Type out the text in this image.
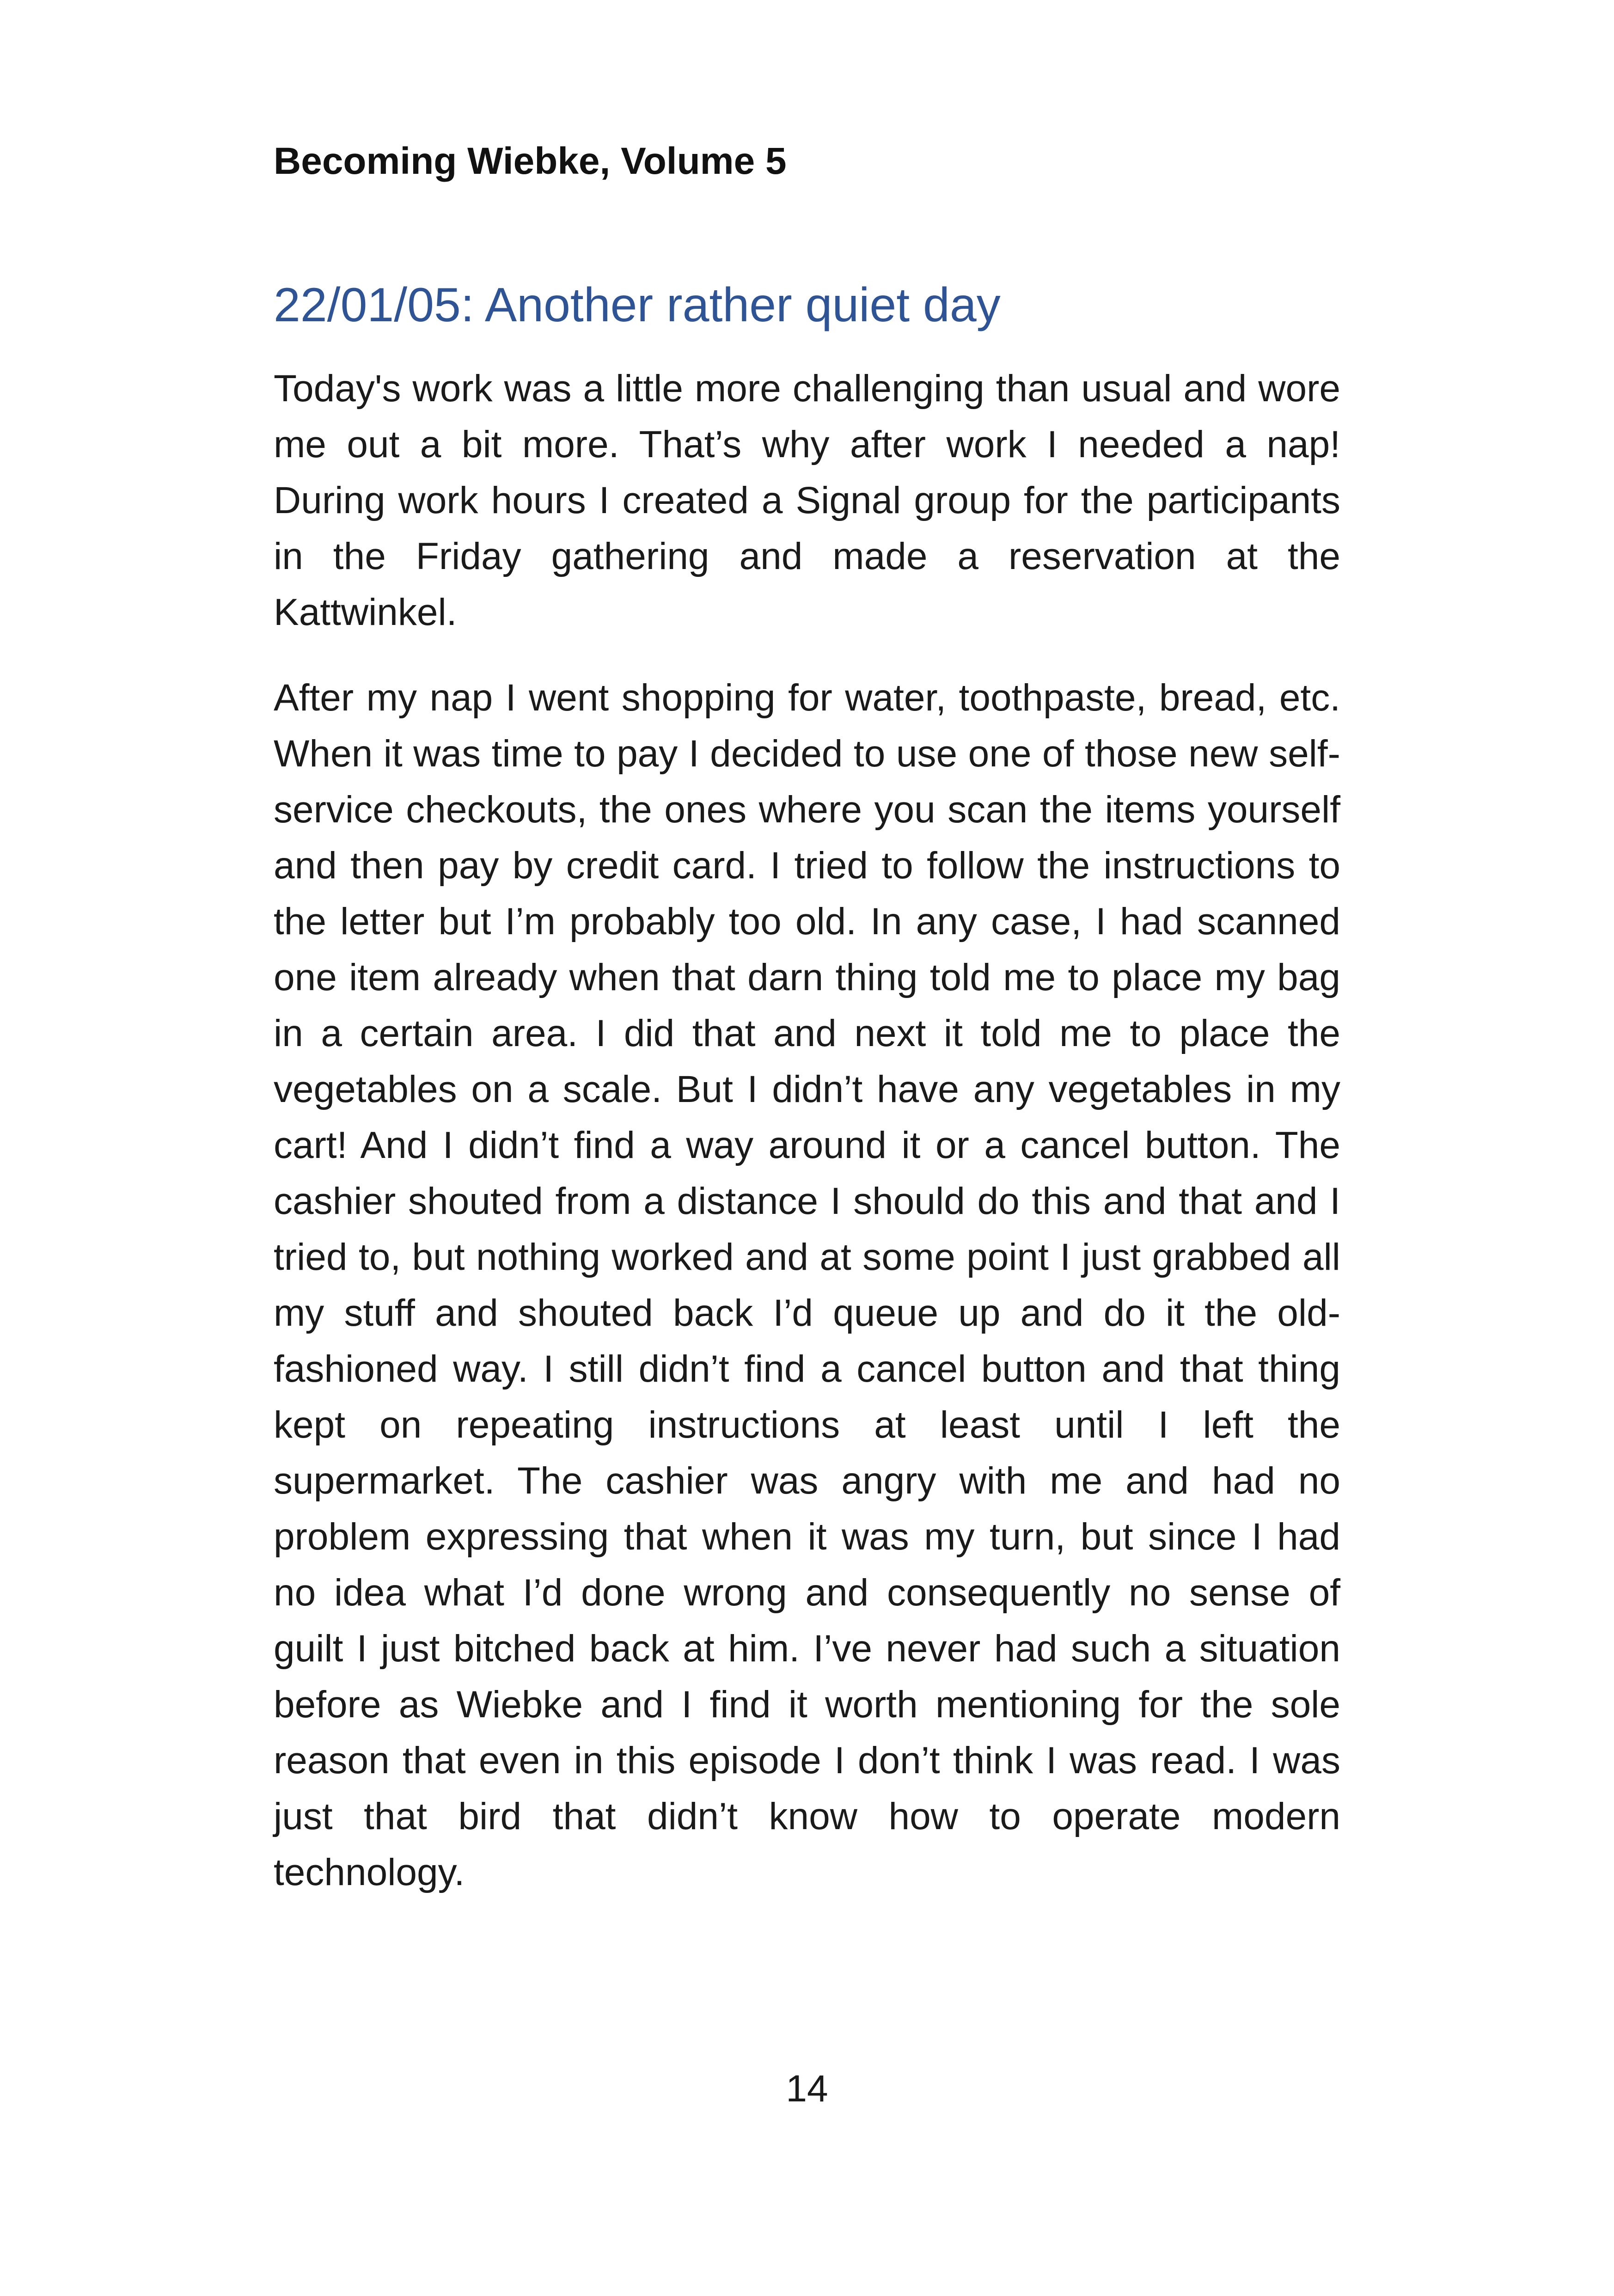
Becoming Wiebke, Volume 5
22/01/05: Another rather quiet day

Today's work was a little more challenging than usual and wore me out a bit more. That’s why after work I needed a nap! During work hours I created a Signal group for the participants in the Friday gathering and made a reservation at the Kattwinkel.

After my nap I went shopping for water, toothpaste, bread, etc. When it was time to pay I decided to use one of those new self- service checkouts, the ones where you scan the items yourself and then pay by credit card. I tried to follow the instructions to the letter but I’m probably too old. In any case, I had scanned one item already when that darn thing told me to place my bag in a certain area. I did that and next it told me to place the vegetables on a scale. But I didn’t have any vegetables in my cart! And I didn’t find a way around it or a cancel button. The cashier shouted from a distance I should do this and that and I tried to, but nothing worked and at some point I just grabbed all my stuff and shouted back I’d queue up and do it the old- fashioned way. I still didn’t find a cancel button and that thing kept on repeating instructions at least until I left the supermarket. The cashier was angry with me and had no problem expressing that when it was my turn, but since I had no idea what I’d done wrong and consequently no sense of guilt I just bitched back at him. I’ve never had such a situation before as Wiebke and I find it worth mentioning for the sole reason that even in this episode I don’t think I was read. I was just that bird that didn’t know how to operate modern technology.

14
